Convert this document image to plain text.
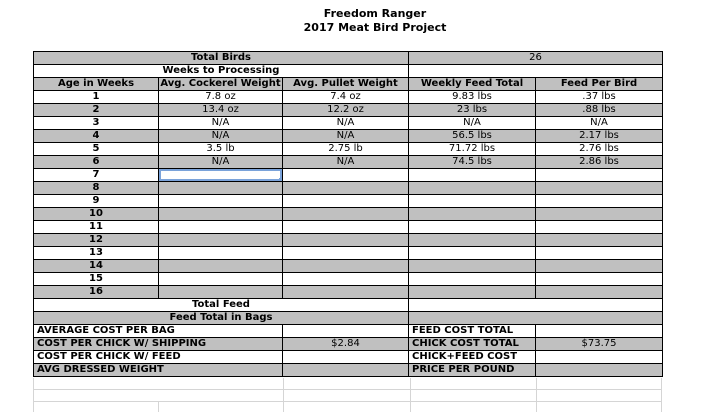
Freedom Ranger
2017 Meat Bird Project
Total Birds			26	
Weeks to Processing				
Age in Weeks	Avg. Cockerel Weight	Avg. Pullet Weight	Weekly Feed Total	Feed Per Bird
1	7.8 oz	7.4 oz	9.83 lbs	.37 lbs
2	13.4 oz	12.2 oz	23 lbs	.88 lbs
3	N/A	N/A	N/A	N/A
4	N/A	N/A	56.5 lbs	2.17 lbs
5	3.5 lb	2.75 lb	71.72 lbs	2.76 lbs
6	N/A	N/A	74.5 lbs	2.86 lbs
7				
8				
9				
10				
11				
12				
13				
14				
15				
16				
Total Feed				
Feed Total in Bags				
AVERAGE COST PER BAG			FEED COST TOTAL	
COST PER CHICK W/ SHIPPING		$2.84	CHICK COST TOTAL	$73.75
COST PER CHICK W/ FEED			CHICK+FEED COST	
AVG DRESSED WEIGHT			PRICE PER POUND	
